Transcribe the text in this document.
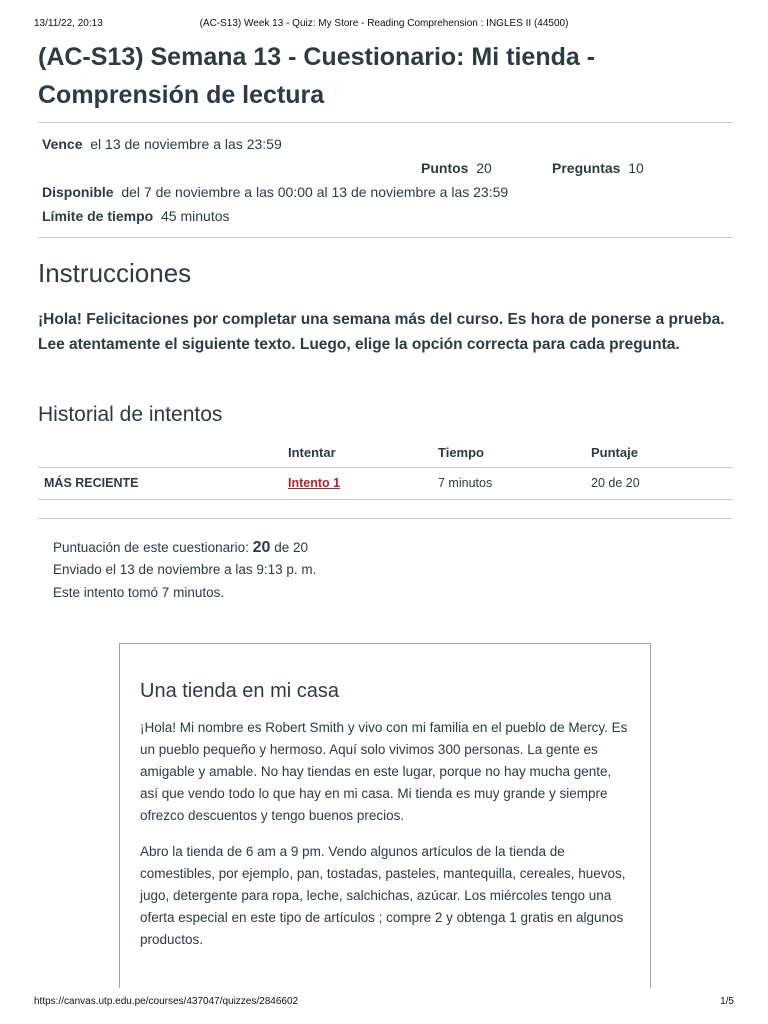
13/11/22, 20:13	(AC-S13) Week 13 - Quiz: My Store - Reading Comprehension : INGLES II (44500)
(AC-S13) Semana 13 - Cuestionario: Mi tienda -
Comprensión de lectura
Vence el 13 de noviembre a las 23:59
Puntos 20	Preguntas 10
Disponible del 7 de noviembre a las 00:00 al 13 de noviembre a las 23:59
Límite de tiempo 45 minutos
Instrucciones

¡Hola! Felicitaciones por completar una semana más del curso. Es hora de ponerse a prueba. Lee atentamente el siguiente texto. Luego, elige la opción correcta para cada pregunta.

Historial de intentos
	Intentar	Tiempo	Puntaje
MÁS RECIENTE	Intento 1	7 minutos	20 de 20
Puntuación de este cuestionario: 20 de 20
Enviado el 13 de noviembre a las 9:13 p. m.
Este intento tomó 7 minutos.
Una tienda en mi casa

¡Hola! Mi nombre es Robert Smith y vivo con mi familia en el pueblo de Mercy. Es un pueblo pequeño y hermoso. Aquí solo vivimos 300 personas. La gente es amigable y amable. No hay tiendas en este lugar, porque no hay mucha gente, así que vendo todo lo que hay en mi casa. Mi tienda es muy grande y siempre ofrezco descuentos y tengo buenos precios.

Abro la tienda de 6 am a 9 pm. Vendo algunos artículos de la tienda de comestibles, por ejemplo, pan, tostadas, pasteles, mantequilla, cereales, huevos, jugo, detergente para ropa, leche, salchichas, azúcar. Los miércoles tengo una oferta especial en este tipo de artículos ; compre 2 y obtenga 1 gratis en algunos productos.

https://canvas.utp.edu.pe/courses/437047/quizzes/2846602	1/5
